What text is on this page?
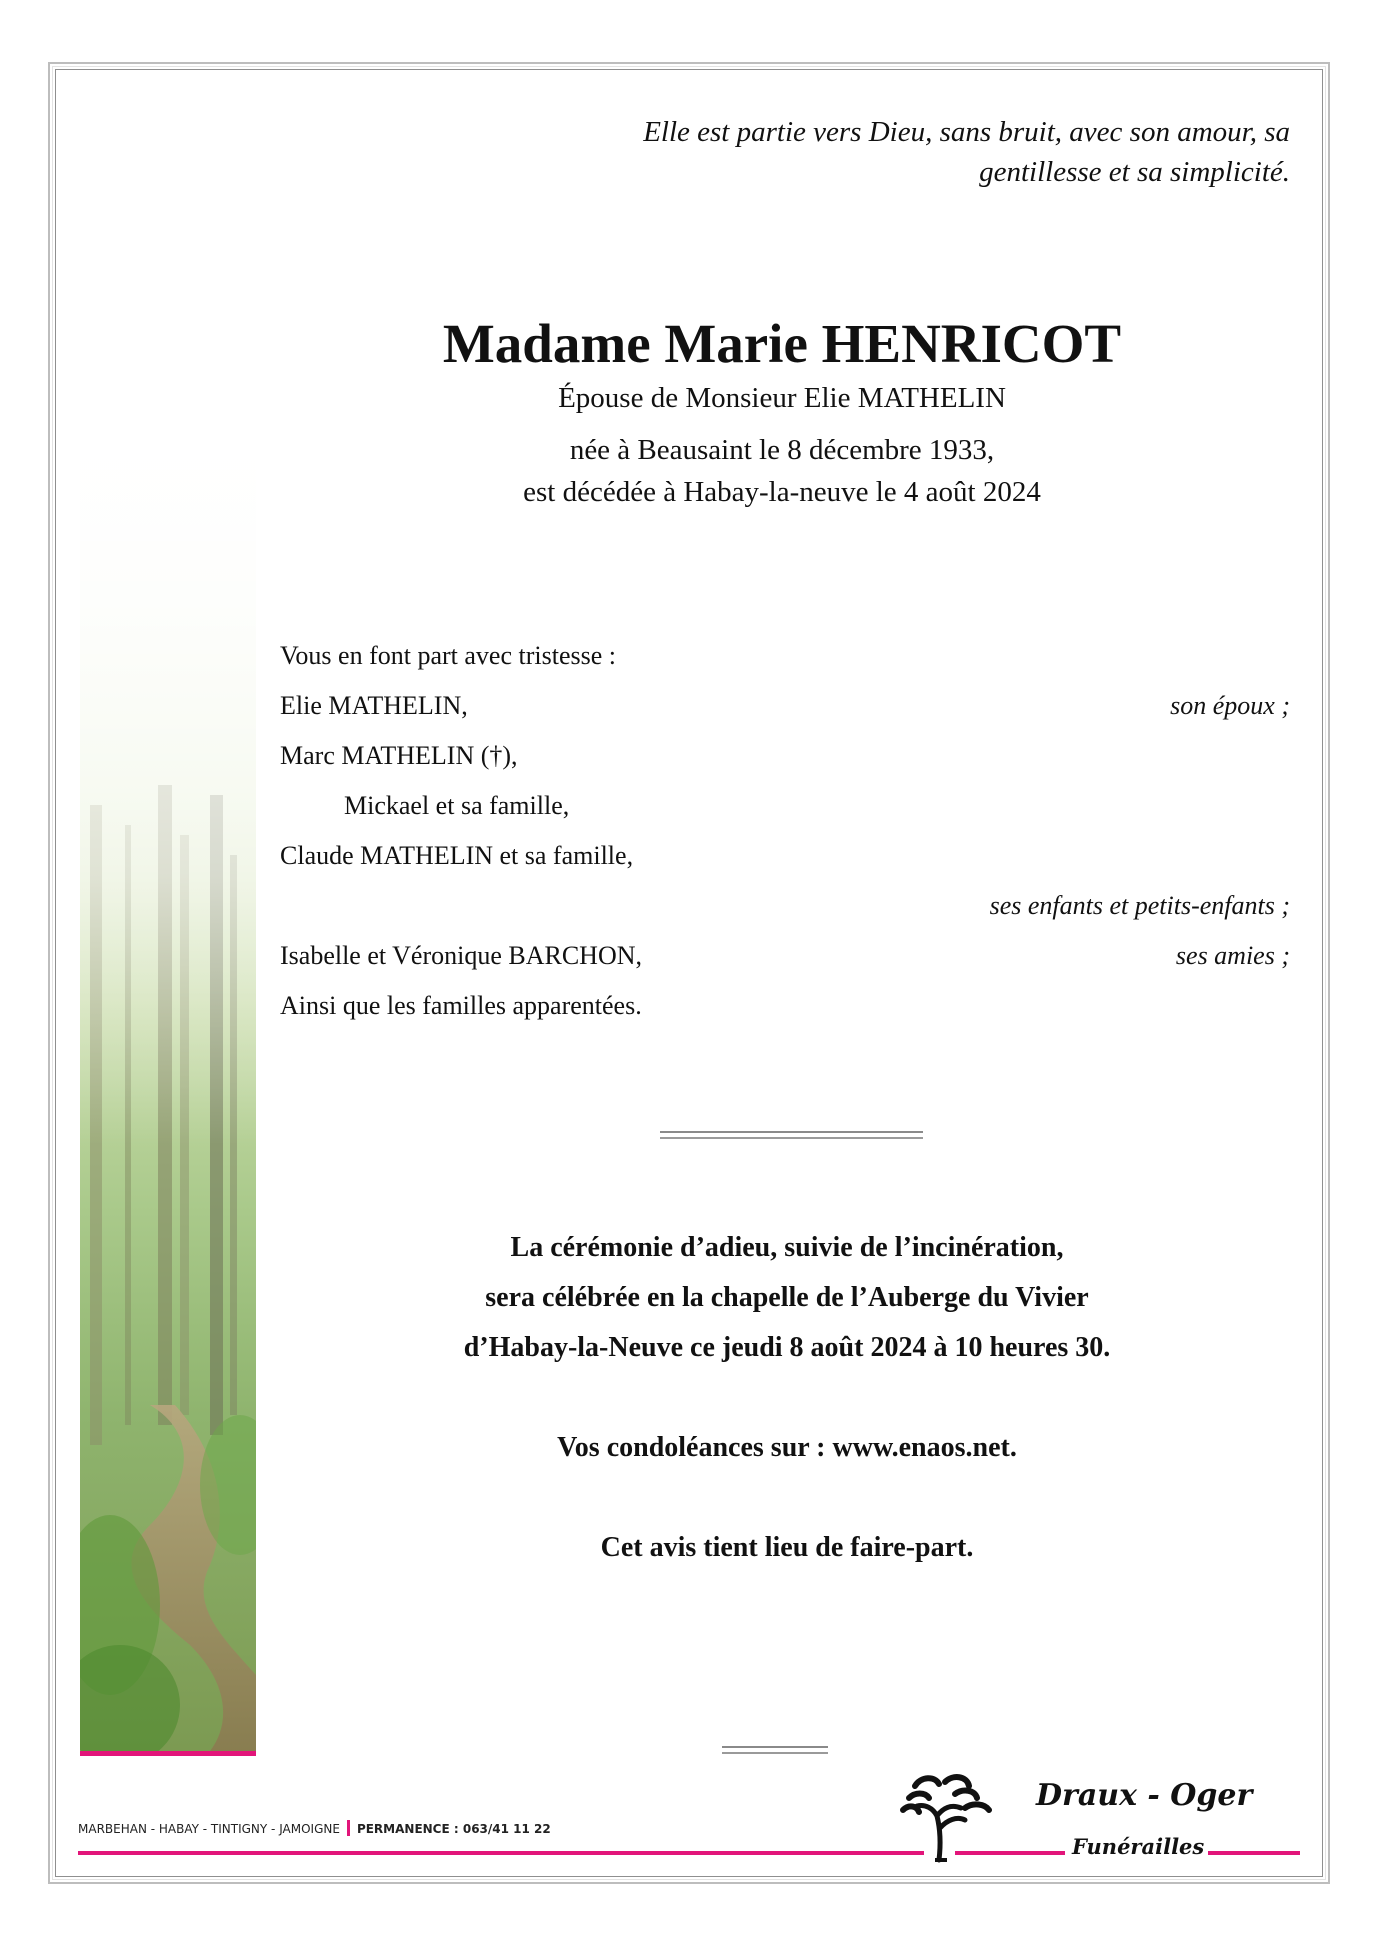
Elle est partie vers Dieu, sans bruit, avec son amour, sa
gentillesse et sa simplicité.
Madame Marie HENRICOT
Épouse de Monsieur Elie MATHELIN
née à Beausaint le 8 décembre 1933,
est décédée à Habay-la-neuve le 4 août 2024
Vous en font part avec tristesse :
Elie MATHELIN,	son époux ;
Marc MATHELIN (†),
Mickael et sa famille,
Claude MATHELIN et sa famille,
ses enfants et petits-enfants ;
Isabelle et Véronique BARCHON,	ses amies ;
Ainsi que les familles apparentées.
La cérémonie d’adieu, suivie de l’incinération,
sera célébrée en la chapelle de l’Auberge du Vivier
d’Habay-la-Neuve ce jeudi 8 août 2024 à 10 heures 30.
Vos condoléances sur : www.enaos.net.
Cet avis tient lieu de faire-part.
MARBEHAN - HABAY - TINTIGNY - JAMOIGNE PERMANENCE : 063/41 11 22
Draux - Oger
Funérailles
